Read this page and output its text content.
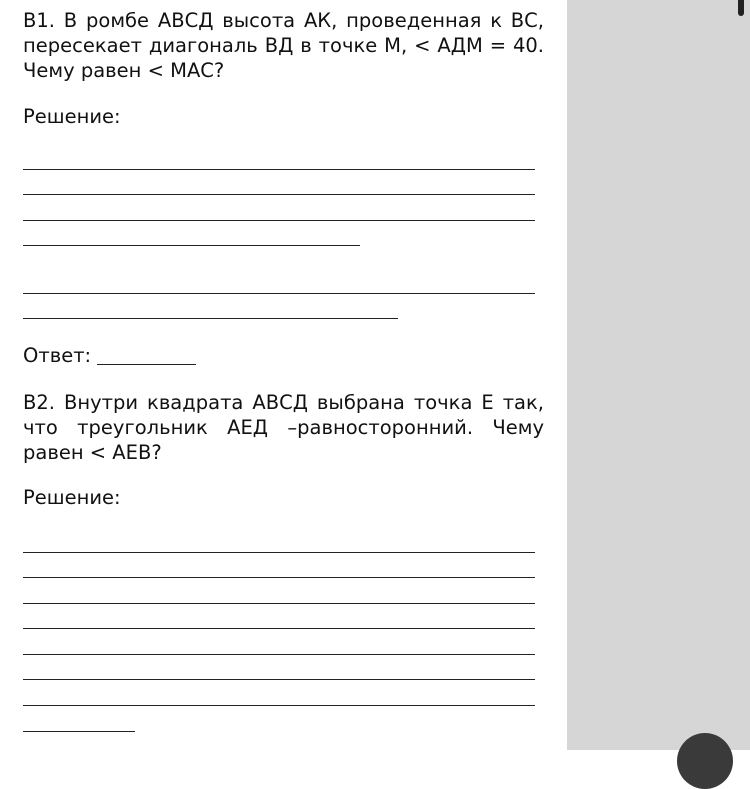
В1. В ромбе АВСД высота АК, проведенная к ВС,

пересекает диагональ ВД в точке М, < АДМ = 40.

Чему равен < МАС?

Решение:

Ответ:

В2. Внутри квадрата АВСД выбрана точка Е так,

что треугольник АЕД –равносторонний. Чему

равен < АЕВ?

Решение:
